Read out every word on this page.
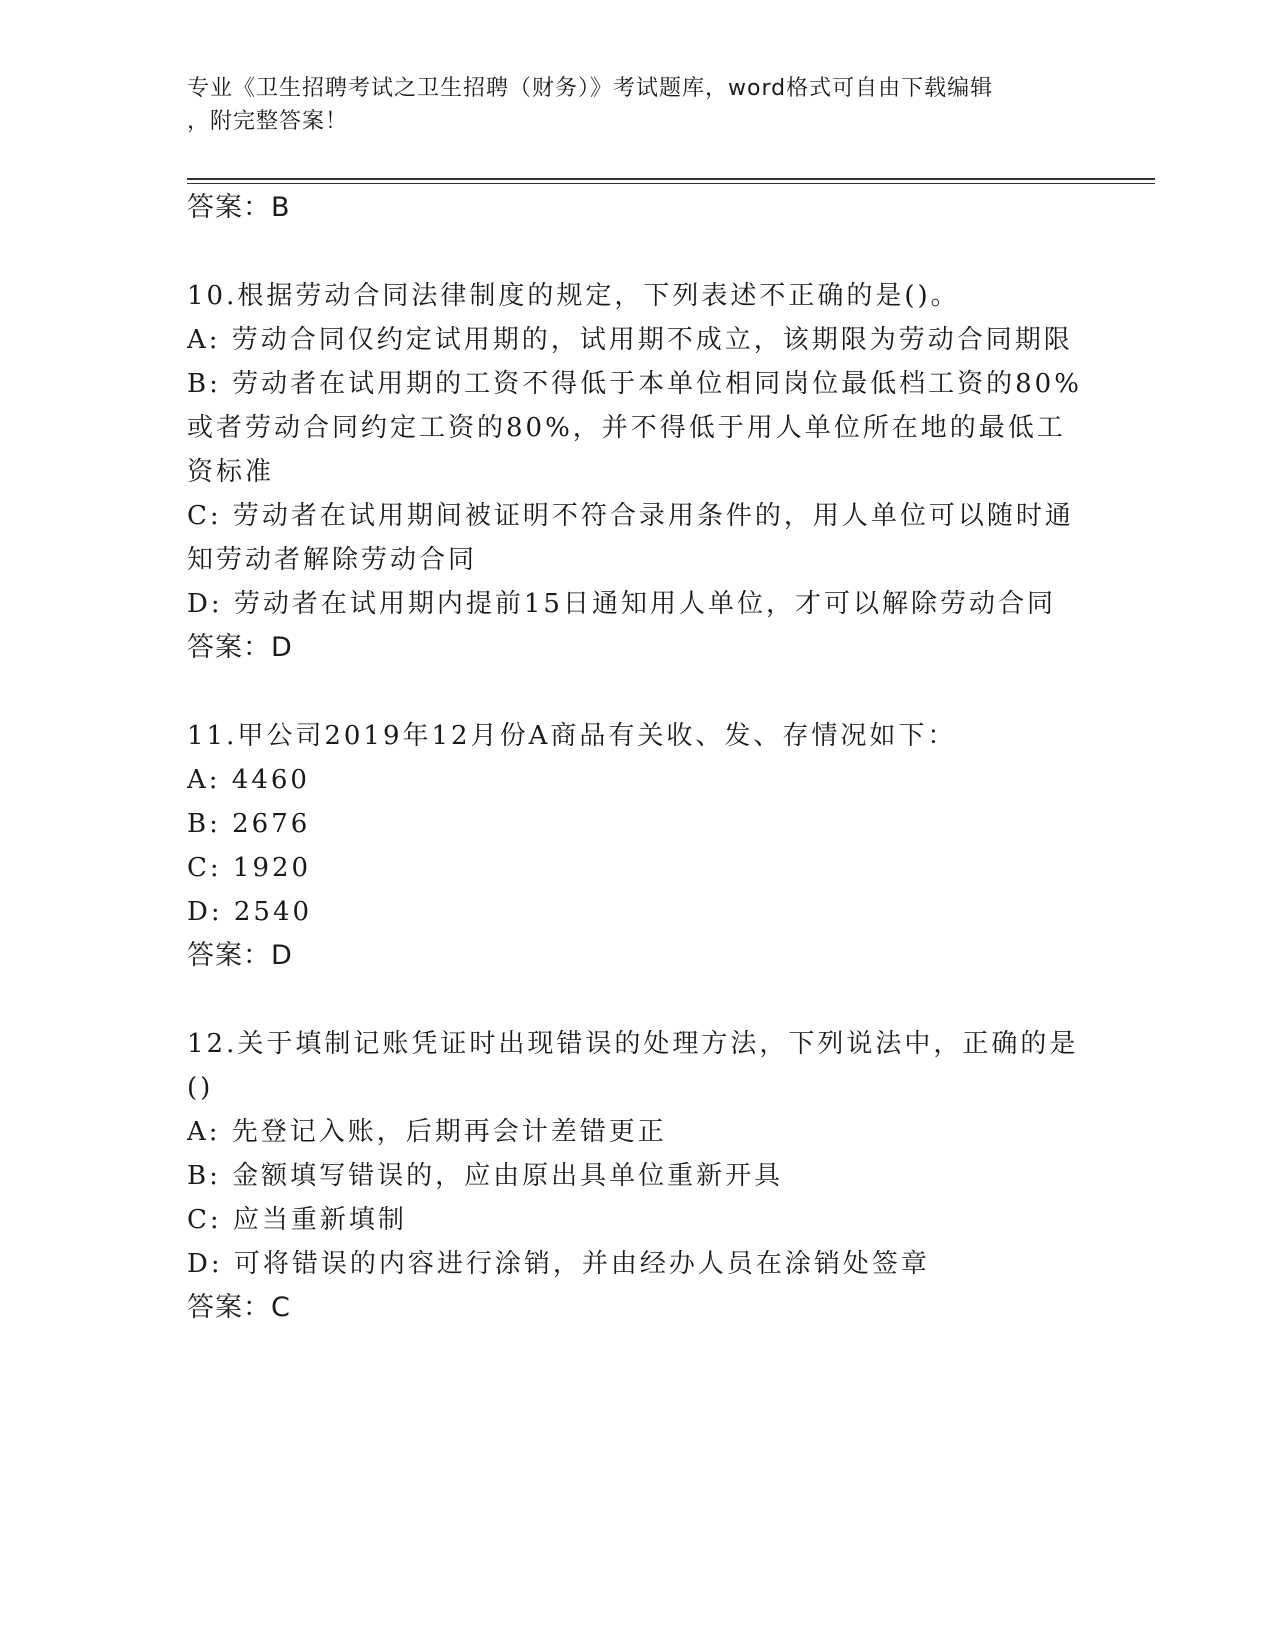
专业《卫生招聘考试之卫生招聘（财务）》考试题库，word格式可自由下载编辑
，附完整答案！
答案：B
10.根据劳动合同法律制度的规定，下列表述不正确的是()。
A: 劳动合同仅约定试用期的，试用期不成立，该期限为劳动合同期限
B: 劳动者在试用期的工资不得低于本单位相同岗位最低档工资的80%
或者劳动合同约定工资的80%，并不得低于用人单位所在地的最低工
资标准
C: 劳动者在试用期间被证明不符合录用条件的，用人单位可以随时通
知劳动者解除劳动合同
D: 劳动者在试用期内提前15日通知用人单位，才可以解除劳动合同
答案：D
11.甲公司2019年12月份A商品有关收、发、存情况如下：
A: 4460
B: 2676
C: 1920
D: 2540
答案：D
12.关于填制记账凭证时出现错误的处理方法，下列说法中，正确的是
()
A: 先登记入账，后期再会计差错更正
B: 金额填写错误的，应由原出具单位重新开具
C: 应当重新填制
D: 可将错误的内容进行涂销，并由经办人员在涂销处签章
答案：C
